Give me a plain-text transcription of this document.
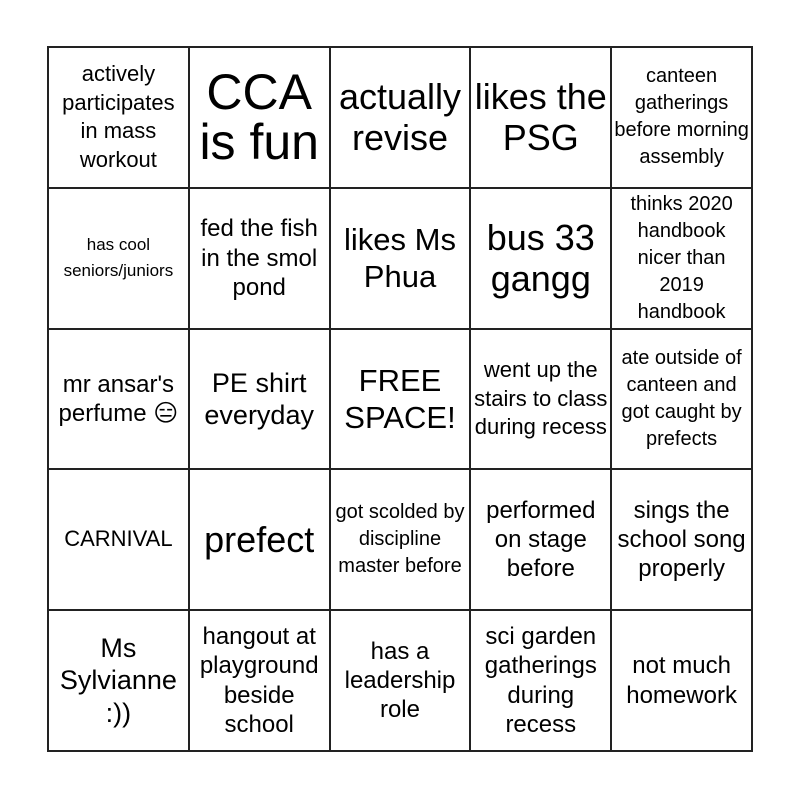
actively participates in mass workout
CCA is fun
actually revise
likes the PSG
canteen gatherings before morning assembly
has cool seniors/juniors
fed the fish in the smol pond
likes Ms Phua
bus 33 gangg
thinks 2020 handbook nicer than 2019 handbook
mr ansar's perfume 😑
PE shirt everyday
FREE SPACE!
went up the stairs to class during recess
ate outside of canteen and got caught by prefects
CARNIVAL prefect
got scolded by discipline master before
performed on stage before
sings the school song properly
Ms Sylvianne :))
hangout at playground beside school
has a leadership role
sci garden gatherings during recess
not much homework
